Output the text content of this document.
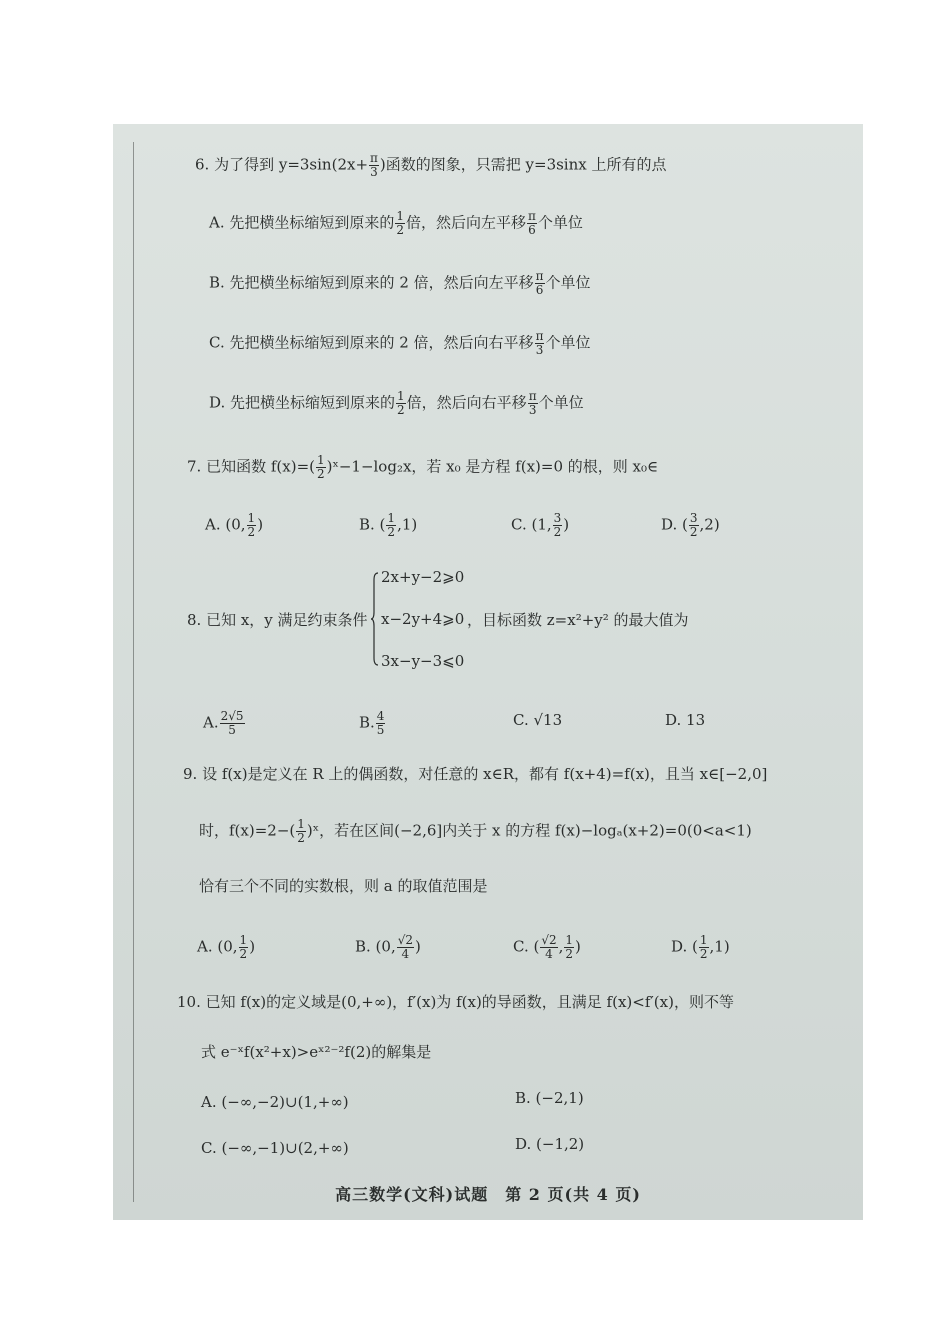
6. 为了得到 $y=3\sin(2x+ \frac{\pi}{3}$ )函数的图象，只需把 y=3sinx 上所有的点
A. 先把横坐标缩短到原来的 $\frac{1}{2}$ 倍，然后向左平移 $\frac{\pi}{6}$ 个单位
B. 先把横坐标缩短到原来的 2 倍，然后向左平移 $\frac{\pi}{6}$ 个单位
C. 先把横坐标缩短到原来的 2 倍，然后向右平移 $\frac{\pi}{3}$ 个单位
D. 先把横坐标缩短到原来的 $\frac{1}{2}$ 倍，然后向右平移 $\frac{\pi}{3}$ 个单位
7. 已知函数 $f(x)=( \frac{1}{2}$ )ˣ−1−log₂x，若 x₀ 是方程 f(x)=0 的根，则 x₀∈
A. (0, $\frac{1}{2}$ )	B. ( $\frac{1}{2} ,1$)	C. (1, $\frac{3}{2}$ )	D. ( $\frac{3}{2} ,2$)
2x+y−2⩾0
x−2y+4⩾0
3x−y−3⩽0
8. 已知 x，y 满足约束条件	，目标函数 z=x²+y² 的最大值为
A. $\frac{2√5}{5}$	B. $\frac{4}{5}$	C. √13	D. 13
9. 设 f(x)是定义在 R 上的偶函数，对任意的 x∈R，都有 f(x+4)=f(x)，且当 x∈[−2,0]
时，$f(x)=2-( \frac{1}{2}$ )ˣ，若在区间(−2,6]内关于 x 的方程 f(x)−logₐ(x+2)=0(0<a<1)
恰有三个不同的实数根，则 a 的取值范围是
A. (0, $\frac{1}{2}$ )	B. (0, $\frac{√2}{4}$ )	C. ( $\frac{√2}{4}$ , $\frac{1}{2}$ )	D. ( $\frac{1}{2} ,1$)
10. 已知 f(x)的定义域是(0,+∞)，f′(x)为 f(x)的导函数，且满足 f(x)<f′(x)，则不等
式 e⁻ˣf(x²+x)>eˣ²⁻²f(2)的解集是
A. (−∞,−2)∪(1,+∞)	B. (−2,1)
C. (−∞,−1)∪(2,+∞)	D. (−1,2)
高三数学(文科)试题　第 2 页(共 4 页)
